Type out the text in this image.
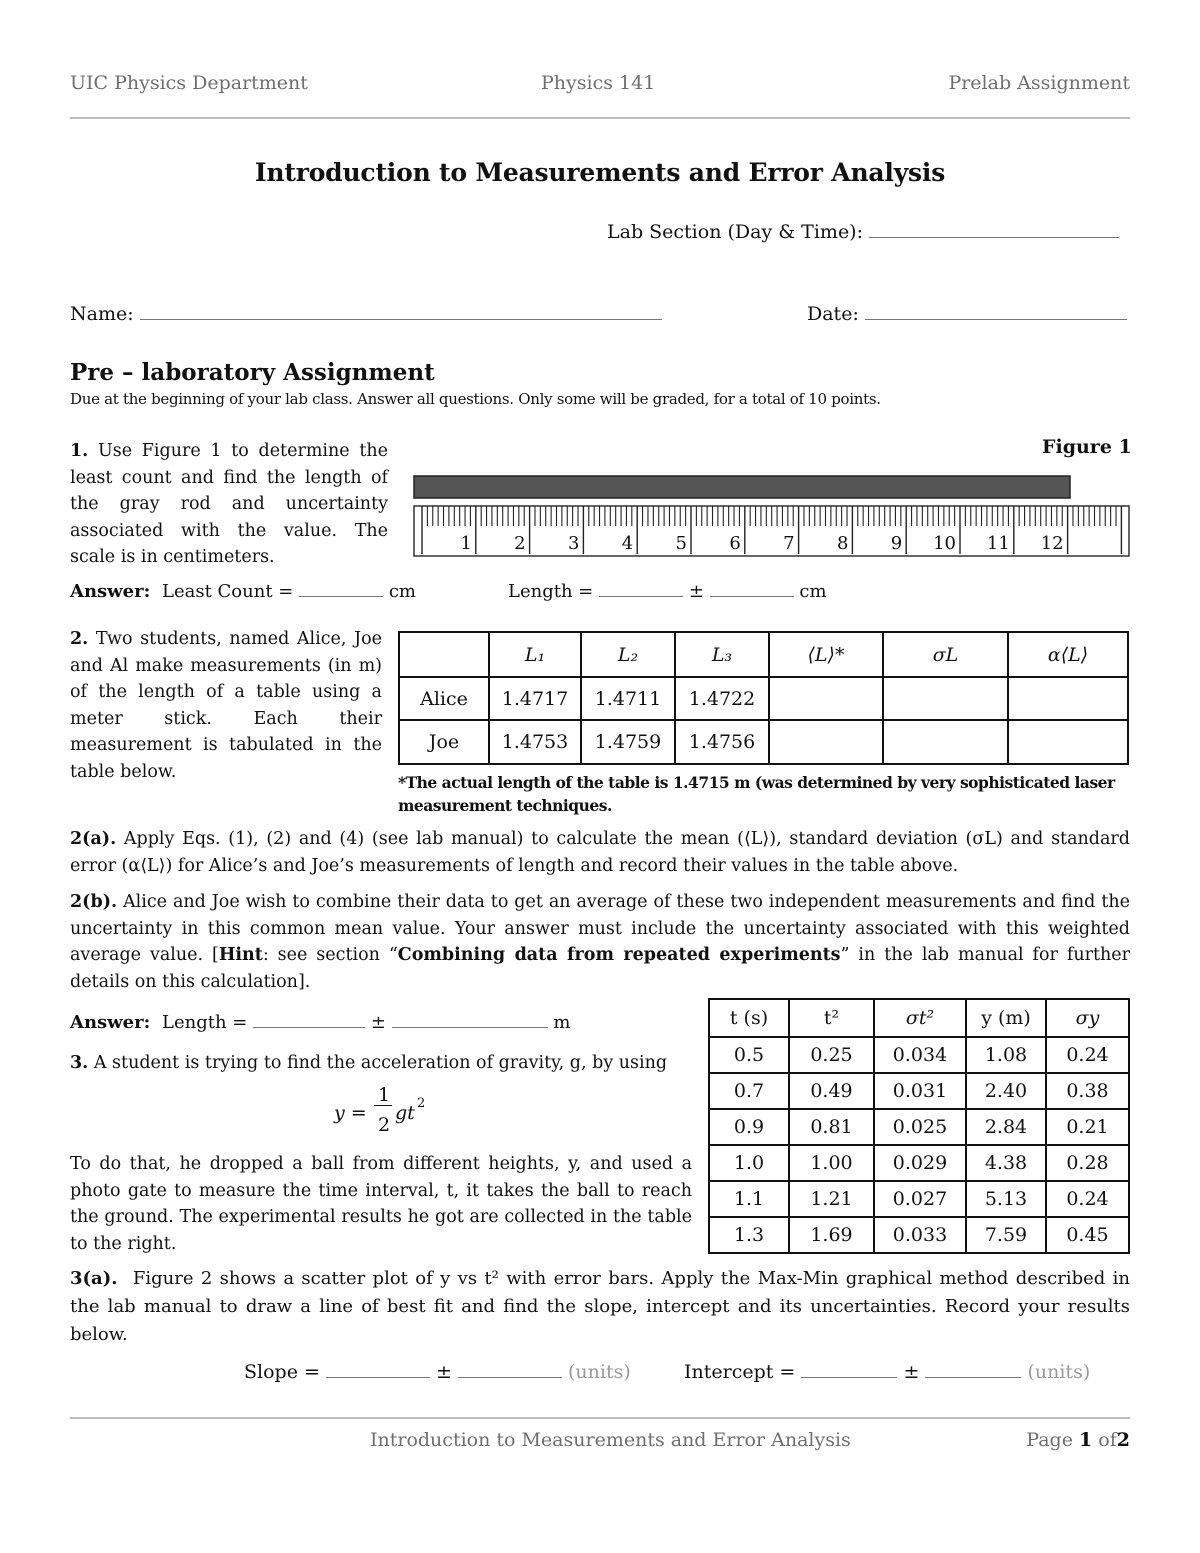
UIC Physics Department	Physics 141	Prelab Assignment
Introduction to Measurements and Error Analysis
Lab Section (Day & Time):
Name:	Date:
Pre – laboratory Assignment
Due at the beginning of your lab class. Answer all questions. Only some will be graded, for a total of 10 points.
1. Use Figure 1 to determine the least count and find the length of the gray rod and uncertainty associated with the value. The scale is in centimeters.
Figure 1
1 2 3 4 5 6 7 8 9 10 11 12
Answer: Least Count =	cm	Length =	±	cm
2. Two students, named Alice, Joe and Al make measurements (in m) of the length of a table using a meter stick. Each their measurement is tabulated in the table below.
	L₁	L₂	L₃	⟨L⟩*	σL	α⟨L⟩
Alice	1.4717	1.4711	1.4722			
Joe	1.4753	1.4759	1.4756			
*The actual length of the table is 1.4715 m (was determined by very sophisticated laser measurement techniques.
2(a). Apply Eqs. (1), (2) and (4) (see lab manual) to calculate the mean (⟨L⟩), standard deviation (σL) and standard error (α⟨L⟩) for Alice’s and Joe’s measurements of length and record their values in the table above.
2(b). Alice and Joe wish to combine their data to get an average of these two independent measurements and find the uncertainty in this common mean value. Your answer must include the uncertainty associated with this weighted average value. [Hint: see section “Combining data from repeated experiments” in the lab manual for further details on this calculation].
Answer: Length =	±	m
3. A student is trying to find the acceleration of gravity, g, by using
y =
1
2
gt 2
To do that, he dropped a ball from different heights, y, and used a photo gate to measure the time interval, t, it takes the ball to reach the ground. The experimental results he got are collected in the table to the right.
t (s)	t²	σt²	y (m)	σy
0.5	0.25	0.034	1.08	0.24
0.7	0.49	0.031	2.40	0.38
0.9	0.81	0.025	2.84	0.21
1.0	1.00	0.029	4.38	0.28
1.1	1.21	0.027	5.13	0.24
1.3	1.69	0.033	7.59	0.45
3(a). Figure 2 shows a scatter plot of y vs t² with error bars. Apply the Max-Min graphical method described in the lab manual to draw a line of best fit and find the slope, intercept and its uncertainties. Record your results below.
Slope =	±	(units)	Intercept =	±	(units)
Introduction to Measurements and Error Analysis	Page 1 of2
